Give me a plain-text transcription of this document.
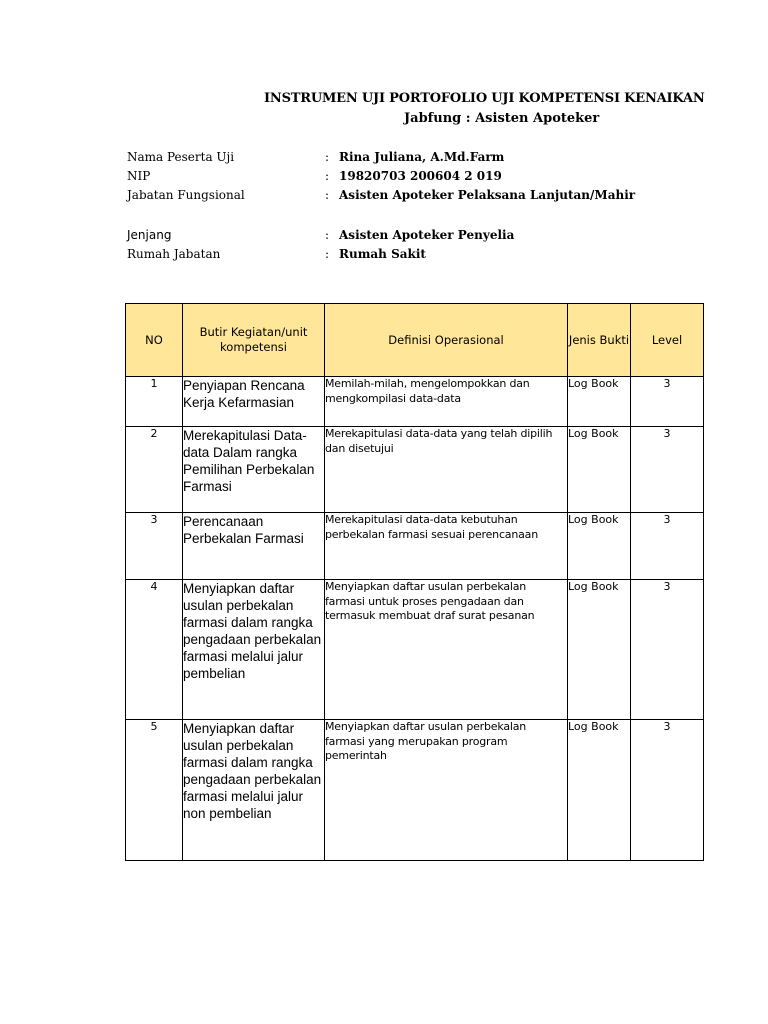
INSTRUMEN UJI PORTOFOLIO UJI KOMPETENSI KENAIKAN
Jabfung : Asisten Apoteker
Nama Peserta Uji	: Rina Juliana, A.Md.Farm
NIP	: 19820703 200604 2 019
Jabatan Fungsional	: Asisten Apoteker Pelaksana Lanjutan/Mahir
Jenjang	: Asisten Apoteker Penyelia
Rumah Jabatan	: Rumah Sakit
NO	Butir Kegiatan/unit kompetensi	Definisi Operasional	Jenis Bukti	Level
1	Penyiapan Rencana Kerja Kefarmasian	Memilah-milah, mengelompokkan dan mengkompilasi data-data	Log Book	3
2	Merekapitulasi Data-data Dalam rangka Pemilihan Perbekalan Farmasi	Merekapitulasi data-data yang telah dipilih dan disetujui	Log Book	3
3	Perencanaan Perbekalan Farmasi	Merekapitulasi data-data kebutuhan perbekalan farmasi sesuai perencanaan	Log Book	3
4	Menyiapkan daftar usulan perbekalan farmasi dalam rangka pengadaan perbekalan farmasi melalui jalur pembelian	Menyiapkan daftar usulan perbekalan farmasi untuk proses pengadaan dan termasuk membuat draf surat pesanan	Log Book	3
5	Menyiapkan daftar usulan perbekalan farmasi dalam rangka pengadaan perbekalan farmasi melalui jalur non pembelian	Menyiapkan daftar usulan perbekalan farmasi yang merupakan program pemerintah	Log Book	3
